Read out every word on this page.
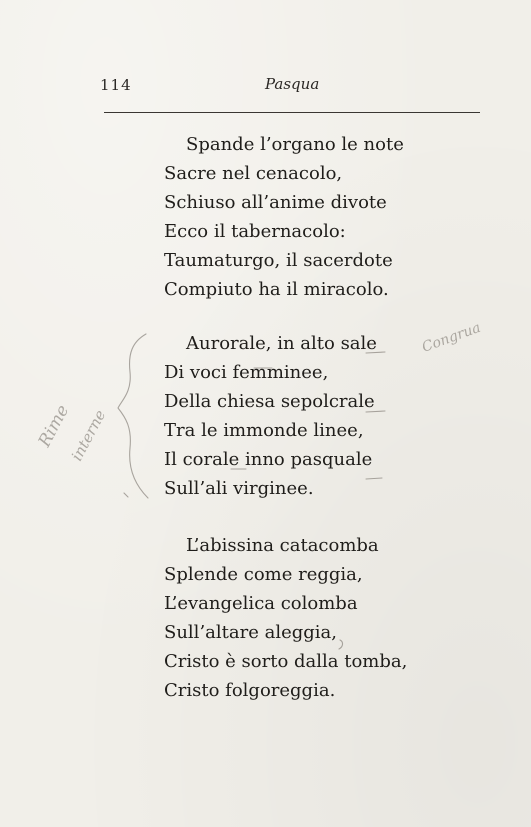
114	Pasqua
Spande l’organo le note
Sacre nel cenacolo,
Schiuso all’anime divote
Ecco il tabernacolo:
Taumaturgo, il sacerdote
Compiuto ha il miracolo.
Aurorale, in alto sale
Di voci femminee,
Della chiesa sepolcrale
Tra le immonde linee,
Il corale inno pasquale
Sull’ali virginee.
L’abissina catacomba
Splende come reggia,
L’evangelica colomba
Sull’altare aleggia,
Cristo è sorto dalla tomba,
Cristo folgoreggia.
Rime
interne
Congrua
